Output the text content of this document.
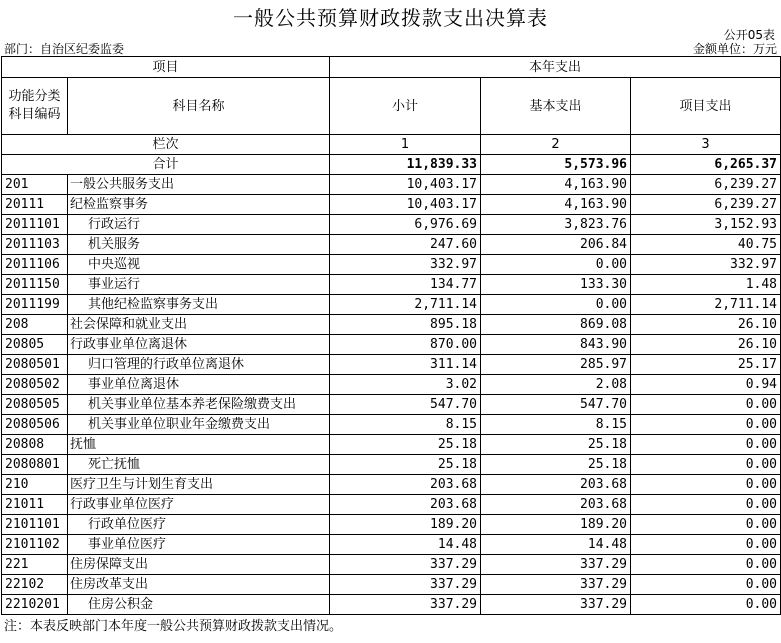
一般公共预算财政拨款支出决算表
公开05表
部门：自治区纪委监委	金额单位：万元
项目		本年支出		
功能分类科目编码	科目名称	小计	基本支出	项目支出
栏次		1	2	3
合计		11,839.33	5,573.96	6,265.37
201	一般公共服务支出	10,403.17	4,163.90	6,239.27
20111	纪检监察事务	10,403.17	4,163.90	6,239.27
2011101	行政运行	6,976.69	3,823.76	3,152.93
2011103	机关服务	247.60	206.84	40.75
2011106	中央巡视	332.97	0.00	332.97
2011150	事业运行	134.77	133.30	1.48
2011199	其他纪检监察事务支出	2,711.14	0.00	2,711.14
208	社会保障和就业支出	895.18	869.08	26.10
20805	行政事业单位离退休	870.00	843.90	26.10
2080501	归口管理的行政单位离退休	311.14	285.97	25.17
2080502	事业单位离退休	3.02	2.08	0.94
2080505	机关事业单位基本养老保险缴费支出	547.70	547.70	0.00
2080506	机关事业单位职业年金缴费支出	8.15	8.15	0.00
20808	抚恤	25.18	25.18	0.00
2080801	死亡抚恤	25.18	25.18	0.00
210	医疗卫生与计划生育支出	203.68	203.68	0.00
21011	行政事业单位医疗	203.68	203.68	0.00
2101101	行政单位医疗	189.20	189.20	0.00
2101102	事业单位医疗	14.48	14.48	0.00
221	住房保障支出	337.29	337.29	0.00
22102	住房改革支出	337.29	337.29	0.00
2210201	住房公积金	337.29	337.29	0.00
注：本表反映部门本年度一般公共预算财政拨款支出情况。
